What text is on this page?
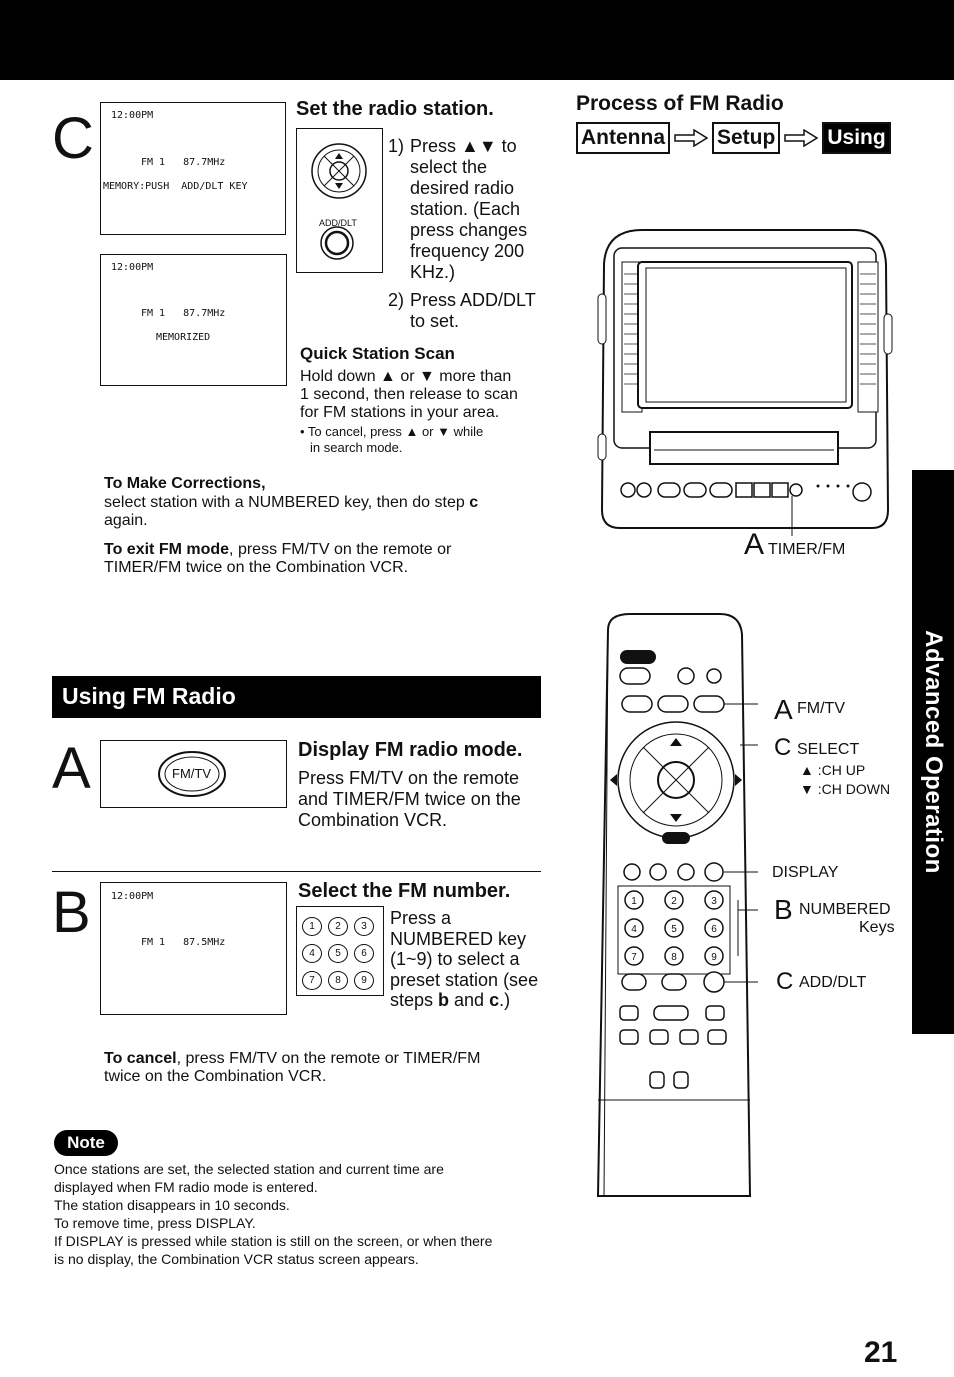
Advanced Operation
C 12:00PM
FM 1   87.7MHz
MEMORY:PUSH  ADD/DLT KEY
12:00PM
FM 1   87.7MHz
MEMORIZED
Set the radio station.
ADD/DLT
1) Press ▲▼ to
select the
desired radio
station. (Each
press changes
frequency 200
KHz.)
2) Press ADD/DLT
to set.
Quick Station Scan
Hold down ▲ or ▼ more than
1 second, then release to scan
for FM stations in your area.
• To cancel, press ▲ or ▼ while
in search mode.
To Make Corrections,
select station with a NUMBERED key, then do step c
again.
To exit FM mode, press FM/TV on the remote or
TIMER/FM twice on the Combination VCR.
Process of FM Radio
Antenna Setup Using
A TIMER/FM
Using FM Radio
A	FM/TV
Display FM radio mode.
Press FM/TV on the remote
and TIMER/FM twice on the
Combination VCR.
B 12:00PM
FM 1   87.5MHz
Select the FM number.
1	2	3
4	5	6
7	8	9
Press a
NUMBERED key
(1~9) to select a
preset station (see
steps b and c.)
To cancel, press FM/TV on the remote or TIMER/FM
twice on the Combination VCR.
Note
Once stations are set, the selected station and current time are
displayed when FM radio mode is entered.
The station disappears in 10 seconds.
To remove time, press DISPLAY.
If DISPLAY is pressed while station is still on the screen, or when there
is no display, the Combination VCR status screen appears.
1	2	3
4	5	6
7	8	9
A FM/TV
C SELECT
▲ :CH UP
▼ :CH DOWN
DISPLAY
B NUMBERED
Keys
C ADD/DLT
21
